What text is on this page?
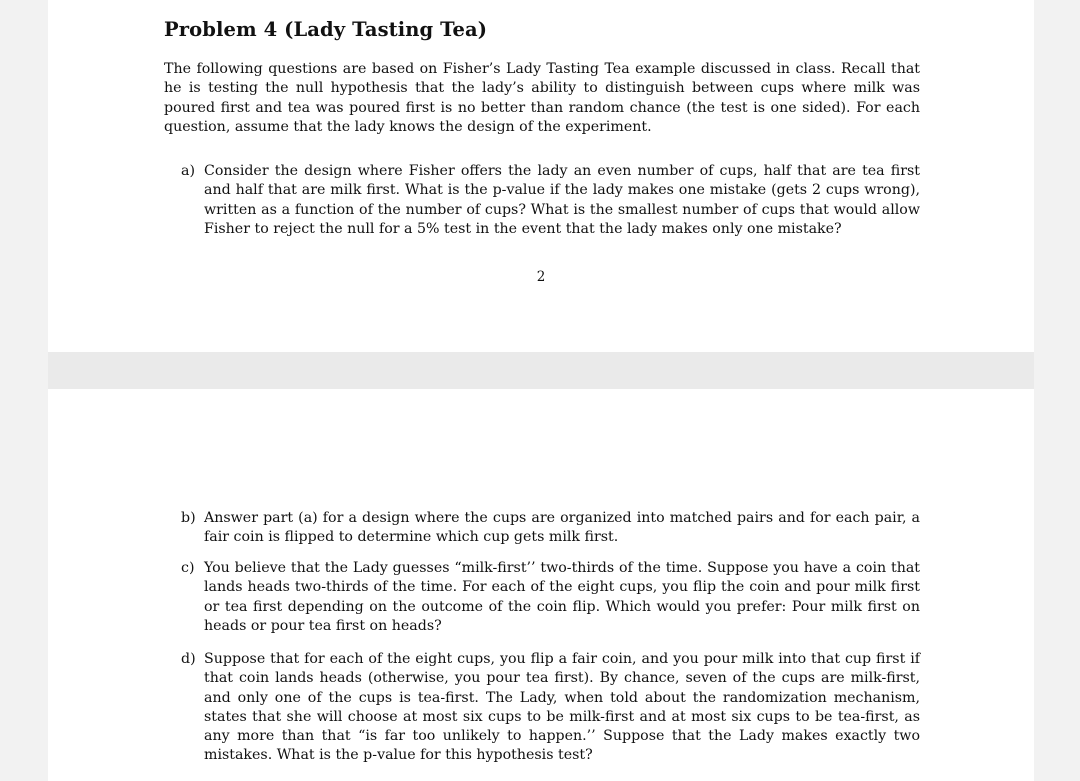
Problem 4 (Lady Tasting Tea)

The following questions are based on Fisher’s Lady Tasting Tea example discussed in class. Recall that he is testing the null hypothesis that the lady’s ability to distinguish between cups where milk was poured first and tea was poured first is no better than random chance (the test is one sided). For each question, assume that the lady knows the design of the experiment.

a) Consider the design where Fisher offers the lady an even number of cups, half that are tea first and half that are milk first. What is the p-value if the lady makes one mistake (gets 2 cups wrong), written as a function of the number of cups? What is the smallest number of cups that would allow Fisher to reject the null for a 5% test in the event that the lady makes only one mistake?

2

b) Answer part (a) for a design where the cups are organized into matched pairs and for each pair, a fair coin is flipped to determine which cup gets milk first.
c) You believe that the Lady guesses “milk-first’’ two-thirds of the time. Suppose you have a coin that lands heads two-thirds of the time. For each of the eight cups, you flip the coin and pour milk first or tea first depending on the outcome of the coin flip. Which would you prefer: Pour milk first on heads or pour tea first on heads?
d) Suppose that for each of the eight cups, you flip a fair coin, and you pour milk into that cup first if that coin lands heads (otherwise, you pour tea first). By chance, seven of the cups are milk-first, and only one of the cups is tea-first. The Lady, when told about the randomization mechanism, states that she will choose at most six cups to be milk-first and at most six cups to be tea-first, as any more than that “is far too unlikely to happen.’’ Suppose that the Lady makes exactly two mistakes. What is the p-value for this hypothesis test?
